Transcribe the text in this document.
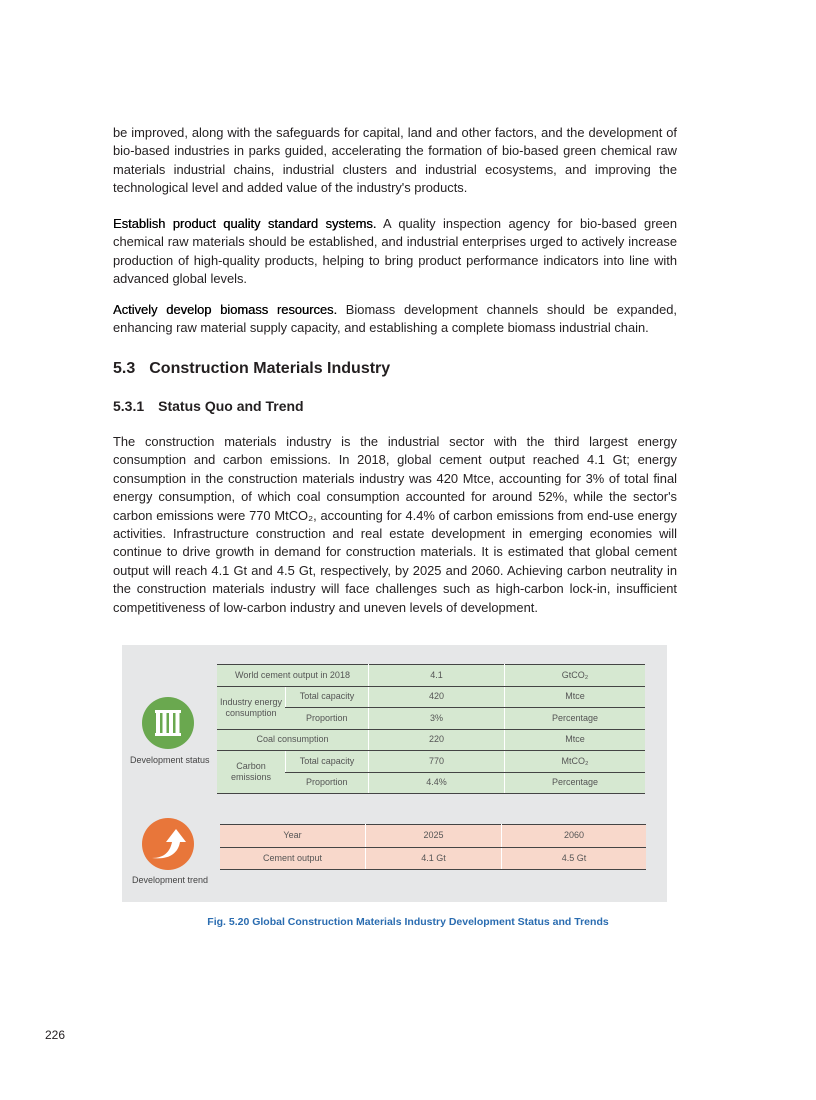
be improved, along with the safeguards for capital, land and other factors, and the development of bio-based industries in parks guided, accelerating the formation of bio-based green chemical raw materials industrial chains, industrial clusters and industrial ecosystems, and improving the technological level and added value of the industry's products.

Establish product quality standard systems. A quality inspection agency for bio-based green chemical raw materials should be established, and industrial enterprises urged to actively increase production of high-quality products, helping to bring product performance indicators into line with advanced global levels.

Actively develop biomass resources. Biomass development channels should be expanded, enhancing raw material supply capacity, and establishing a complete biomass industrial chain.

5.3 Construction Materials Industry
5.3.1 Status Quo and Trend

The construction materials industry is the industrial sector with the third largest energy consumption and carbon emissions. In 2018, global cement output reached 4.1 Gt; energy consumption in the construction materials industry was 420 Mtce, accounting for 3% of total final energy consumption, of which coal consumption accounted for around 52%, while the sector's carbon emissions were 770 MtCO₂, accounting for 4.4% of carbon emissions from end-use energy activities. Infrastructure construction and real estate development in emerging economies will continue to drive growth in demand for construction materials. It is estimated that global cement output will reach 4.1 Gt and 4.5 Gt, respectively, by 2025 and 2060. Achieving carbon neutrality in the construction materials industry will face challenges such as high-carbon lock-in, insufficient competitiveness of low-carbon industry and uneven levels of development.

Development status
World cement output in 2018		4.1	GtCO₂
Industry energy consumption	Total capacity	420	Mtce
	Proportion	3%	Percentage
Coal consumption		220	Mtce
Carbon emissions	Total capacity	770	MtCO₂
	Proportion	4.4%	Percentage
Development trend
Year	2025	2060
Cement output	4.1 Gt	4.5 Gt
Fig. 5.20 Global Construction Materials Industry Development Status and Trends
226
